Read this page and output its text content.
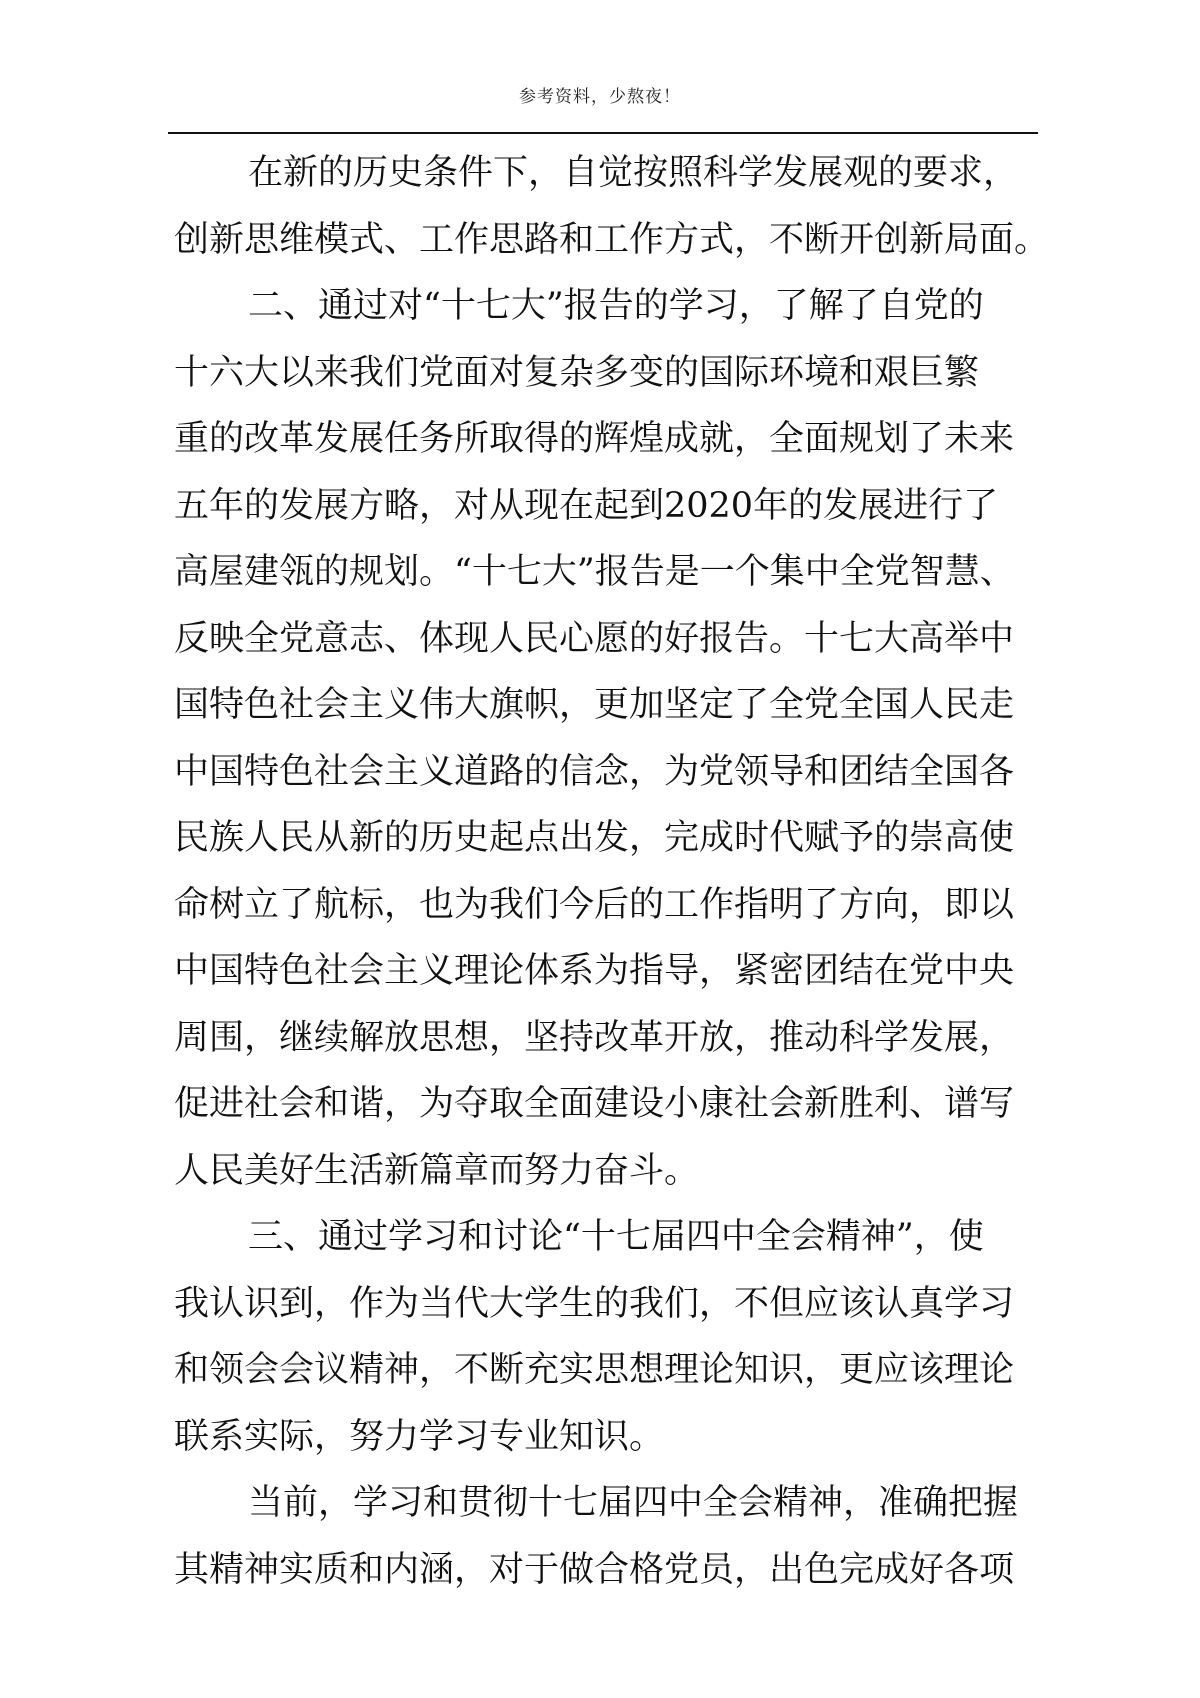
参考资料，少熬夜！
在新的历史条件下，自觉按照科学发展观的要求，
创新思维模式、工作思路和工作方式，不断开创新局面。
二、通过对“十七大”报告的学习，了解了自党的
十六大以来我们党面对复杂多变的国际环境和艰巨繁
重的改革发展任务所取得的辉煌成就，全面规划了未来
五年的发展方略，对从现在起到2020年的发展进行了
高屋建瓴的规划。“十七大”报告是一个集中全党智慧、
反映全党意志、体现人民心愿的好报告。十七大高举中
国特色社会主义伟大旗帜，更加坚定了全党全国人民走
中国特色社会主义道路的信念，为党领导和团结全国各
民族人民从新的历史起点出发，完成时代赋予的崇高使
命树立了航标，也为我们今后的工作指明了方向，即以
中国特色社会主义理论体系为指导，紧密团结在党中央
周围，继续解放思想，坚持改革开放，推动科学发展，
促进社会和谐，为夺取全面建设小康社会新胜利、谱写
人民美好生活新篇章而努力奋斗。
三、通过学习和讨论“十七届四中全会精神”，使
我认识到，作为当代大学生的我们，不但应该认真学习
和领会会议精神，不断充实思想理论知识，更应该理论
联系实际，努力学习专业知识。
当前，学习和贯彻十七届四中全会精神，准确把握
其精神实质和内涵，对于做合格党员，出色完成好各项
